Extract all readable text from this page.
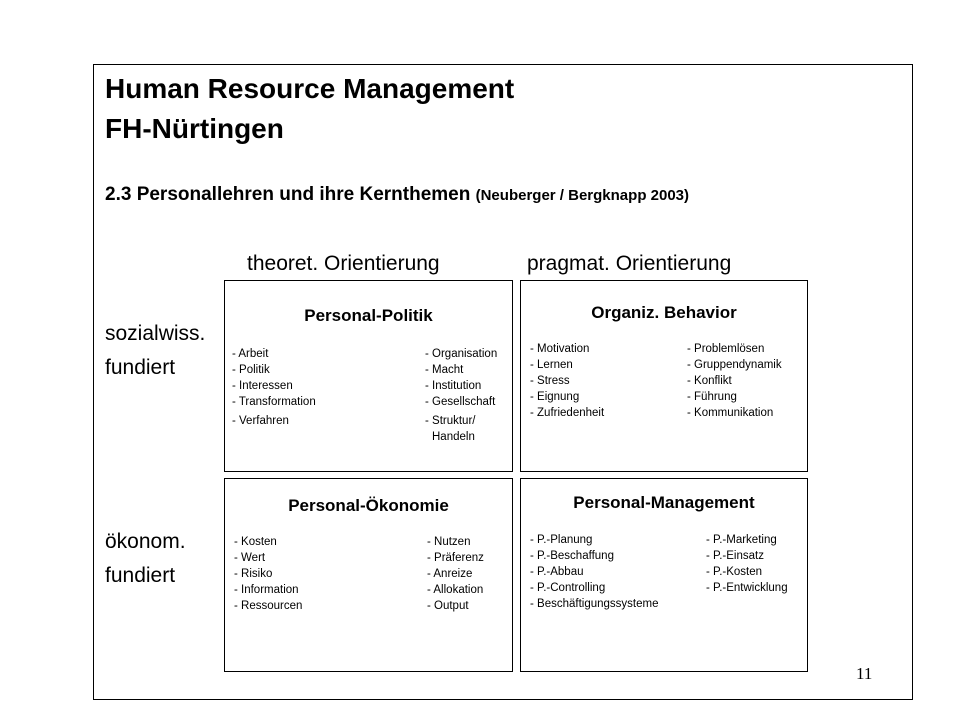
Human Resource Management
FH-Nürtingen
2.3 Personallehren und ihre Kernthemen (Neuberger / Bergknapp 2003)
theoret. Orientierung	pragmat. Orientierung
sozialwiss.
fundiert
ökonom.
fundiert
Personal-Politik
- Arbeit
- Politik
- Interessen
- Transformation
- Verfahren
- Organisation
- Macht
- Institution
- Gesellschaft
- Struktur/
Handeln
Organiz. Behavior
- Motivation
- Lernen
- Stress
- Eignung
- Zufriedenheit
- Problemlösen
- Gruppendynamik
- Konflikt
- Führung
- Kommunikation
Personal-Ökonomie
- Kosten
- Wert
- Risiko
- Information
- Ressourcen
- Nutzen
- Präferenz
- Anreize
- Allokation
- Output
Personal-Management
- P.-Planung
- P.-Beschaffung
- P.-Abbau
- P.-Controlling
- Beschäftigungssysteme
- P.-Marketing
- P.-Einsatz
- P.-Kosten
- P.-Entwicklung
11
